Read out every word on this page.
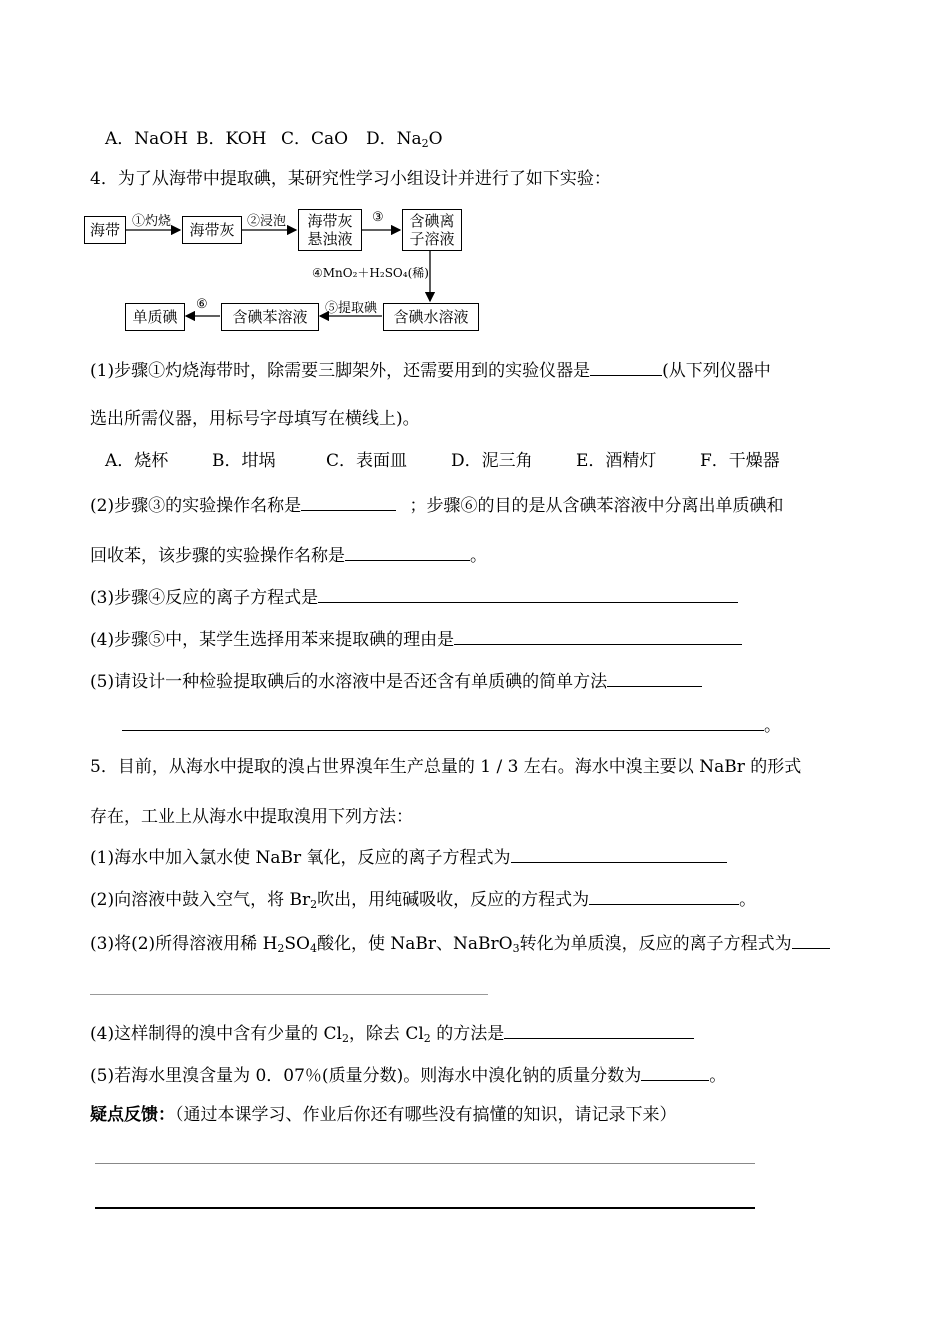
A．NaOH B．KOH C．CaO D．$Na_2O$
4．为了从海带中提取碘，某研究性学习小组设计并进行了如下实验：
海带	海带灰	海带灰
悬浊液
含碘离
子溶液
含碘水溶液
含碘苯溶液
单质碘
①灼烧	②浸泡	③
④MnO₂＋H₂SO₄(稀)
⑤提取碘
⑥
(1)步骤①灼烧海带时，除需要三脚架外，还需要用到的实验仪器是	(从下列仪器中
选出所需仪器，用标号字母填写在横线上)。
A．烧杯	B．坩埚	C．表面皿	D．泥三角	E．酒精灯	F．干燥器
(2)步骤③的实验操作名称是	；步骤⑥的目的是从含碘苯溶液中分离出单质碘和
回收苯，该步骤的实验操作名称是	。
(3)步骤④反应的离子方程式是
(4)步骤⑤中，某学生选择用苯来提取碘的理由是
(5)请设计一种检验提取碘后的水溶液中是否还含有单质碘的简单方法
。
5．目前，从海水中提取的溴占世界溴年生产总量的 1 / 3 左右。海水中溴主要以 NaBr 的形式
存在，工业上从海水中提取溴用下列方法：
(1)海水中加入氯水使 NaBr 氧化，反应的离子方程式为
(2)向溶液中鼓入空气，将 $Br_2$吹出，用纯碱吸收，反应的方程式为	。
(3)将(2)所得溶液用稀 $H_2SO_4$酸化，使 NaBr、NaBrO$_3$转化为单质溴，反应的离子方程式为
(4)这样制得的溴中含有少量的 $Cl_2$，除去 $Cl_2$ 的方法是
(5)若海水里溴含量为 0．07％(质量分数)。则海水中溴化钠的质量分数为	。
疑点反馈：（通过本课学习、作业后你还有哪些没有搞懂的知识，请记录下来）
